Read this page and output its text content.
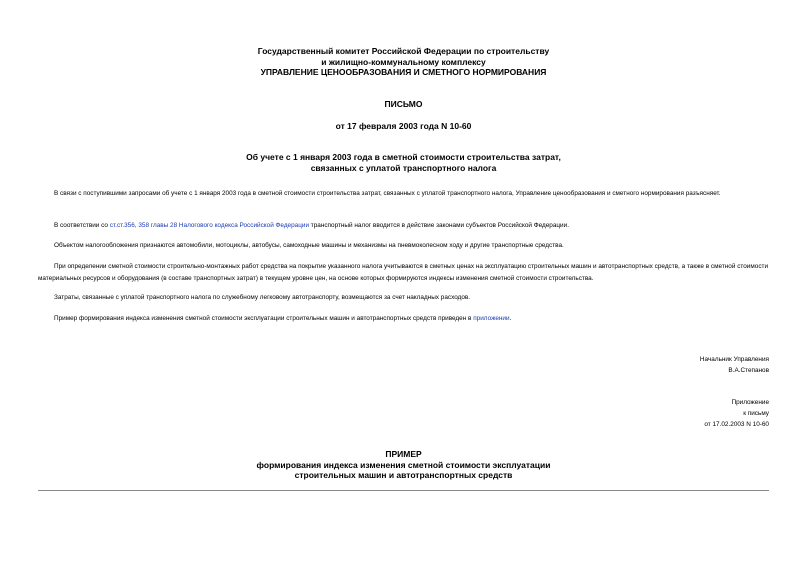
Государственный комитет Российской Федерации по строительству
и жилищно-коммунальному комплексу
УПРАВЛЕНИЕ ЦЕНООБРАЗОВАНИЯ И СМЕТНОГО НОРМИРОВАНИЯ
ПИСЬМО
от 17 февраля 2003 года N 10-60
Об учете с 1 января 2003 года в сметной стоимости строительства затрат,
связанных с уплатой транспортного налога
В связи с поступившими запросами об учете с 1 января 2003 года в сметной стоимости строительства затрат, связанных с уплатой транспортного налога, Управление ценообразования и сметного нормирования разъясняет.
В соответствии со ст.ст.356, 358 главы 28 Налогового кодекса Российской Федерации транспортный налог вводится в действие законами субъектов Российской Федерации.
Объектом налогообложения признаются автомобили, мотоциклы, автобусы, самоходные машины и механизмы на пневмоколесном ходу и другие транспортные средства.
При определении сметной стоимости строительно-монтажных работ средства на покрытие указанного налога учитываются в сметных ценах на эксплуатацию строительных машин и автотранспортных средств, а также в сметной стоимости материальных ресурсов и оборудования (в составе транспортных затрат) в текущем уровне цен, на основе которых формируются индексы изменения сметной стоимости строительства.
Затраты, связанные с уплатой транспортного налога по служебному легковому автотранспорту, возмещаются за счет накладных расходов.
Пример формирования индекса изменения сметной стоимости эксплуатации строительных машин и автотранспортных средств приведен в приложении.
Начальник Управления
В.А.Степанов
Приложение
к письму
от 17.02.2003 N 10-60
ПРИМЕР
формирования индекса изменения сметной стоимости эксплуатации
строительных машин и автотранспортных средств
